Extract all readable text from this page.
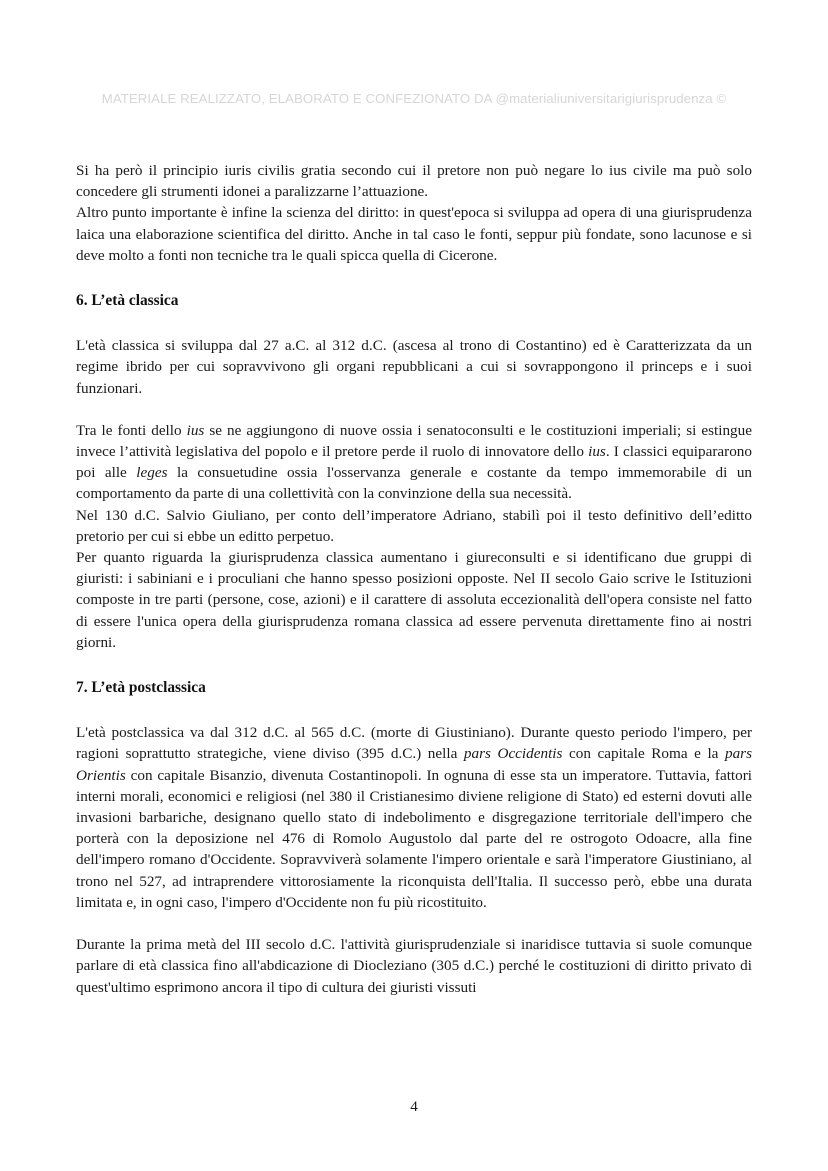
MATERIALE REALIZZATO, ELABORATO E CONFEZIONATO DA @materialiuniversitarigiurisprudenza ©

Si ha però il principio iuris civilis gratia secondo cui il pretore non può negare lo ius civile ma può solo concedere gli strumenti idonei a paralizzarne l’attuazione.

Altro punto importante è infine la scienza del diritto: in quest'epoca si sviluppa ad opera di una giurisprudenza laica una elaborazione scientifica del diritto. Anche in tal caso le fonti, seppur più fondate, sono lacunose e si deve molto a fonti non tecniche tra le quali spicca quella di Cicerone.

6. L’età classica

L'età classica si sviluppa dal 27 a.C. al 312 d.C. (ascesa al trono di Costantino) ed è Caratterizzata da un regime ibrido per cui sopravvivono gli organi repubblicani a cui si sovrappongono il princeps e i suoi funzionari.

Tra le fonti dello ius se ne aggiungono di nuove ossia i senatoconsulti e le costituzioni imperiali; si estingue invece l’attività legislativa del popolo e il pretore perde il ruolo di innovatore dello ius. I classici equipararono poi alle leges la consuetudine ossia l'osservanza generale e costante da tempo immemorabile di un comportamento da parte di una collettività con la convinzione della sua necessità.

Nel 130 d.C. Salvio Giuliano, per conto dell’imperatore Adriano, stabilì poi il testo definitivo dell’editto pretorio per cui si ebbe un editto perpetuo.

Per quanto riguarda la giurisprudenza classica aumentano i giureconsulti e si identificano due gruppi di giuristi: i sabiniani e i proculiani che hanno spesso posizioni opposte. Nel II secolo Gaio scrive le Istituzioni composte in tre parti (persone, cose, azioni) e il carattere di assoluta eccezionalità dell'opera consiste nel fatto di essere l'unica opera della giurisprudenza romana classica ad essere pervenuta direttamente fino ai nostri giorni.

7. L’età postclassica

L'età postclassica va dal 312 d.C. al 565 d.C. (morte di Giustiniano). Durante questo periodo l'impero, per ragioni soprattutto strategiche, viene diviso (395 d.C.) nella pars Occidentis con capitale Roma e la pars Orientis con capitale Bisanzio, divenuta Costantinopoli. In ognuna di esse sta un imperatore. Tuttavia, fattori interni morali, economici e religiosi (nel 380 il Cristianesimo diviene religione di Stato) ed esterni dovuti alle invasioni barbariche, designano quello stato di indebolimento e disgregazione territoriale dell'impero che porterà con la deposizione nel 476 di Romolo Augustolo dal parte del re ostrogoto Odoacre, alla fine dell'impero romano d'Occidente. Sopravviverà solamente l'impero orientale e sarà l'imperatore Giustiniano, al trono nel 527, ad intraprendere vittorosiamente la riconquista dell'Italia. Il successo però, ebbe una durata limitata e, in ogni caso, l'impero d'Occidente non fu più ricostituito.

Durante la prima metà del III secolo d.C. l'attività giurisprudenziale si inaridisce tuttavia si suole comunque parlare di età classica fino all'abdicazione di Diocleziano (305 d.C.) perché le costituzioni di diritto privato di quest'ultimo esprimono ancora il tipo di cultura dei giuristi vissuti

4
